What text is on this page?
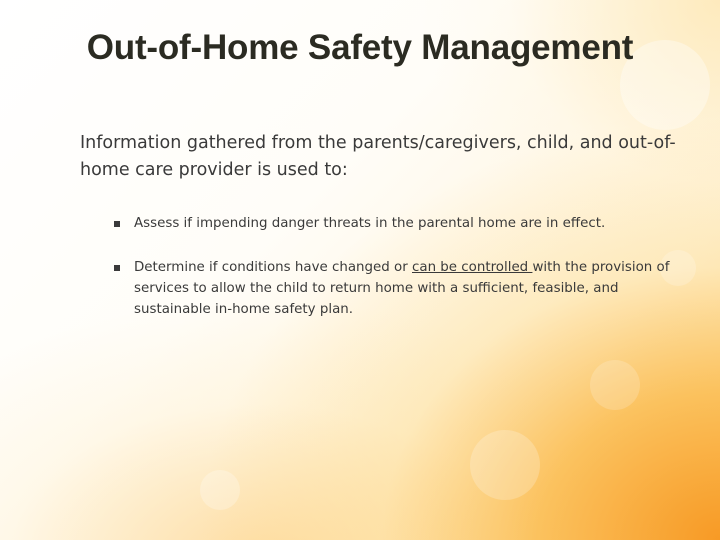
Out-of-Home Safety Management

Information gathered from the parents/caregivers, child, and out-of-home care provider is used to:

Assess if impending danger threats in the parental home are in effect.
Determine if conditions have changed or can be controlled with the provision of services to allow the child to return home with a sufficient, feasible, and sustainable in-home safety plan.
